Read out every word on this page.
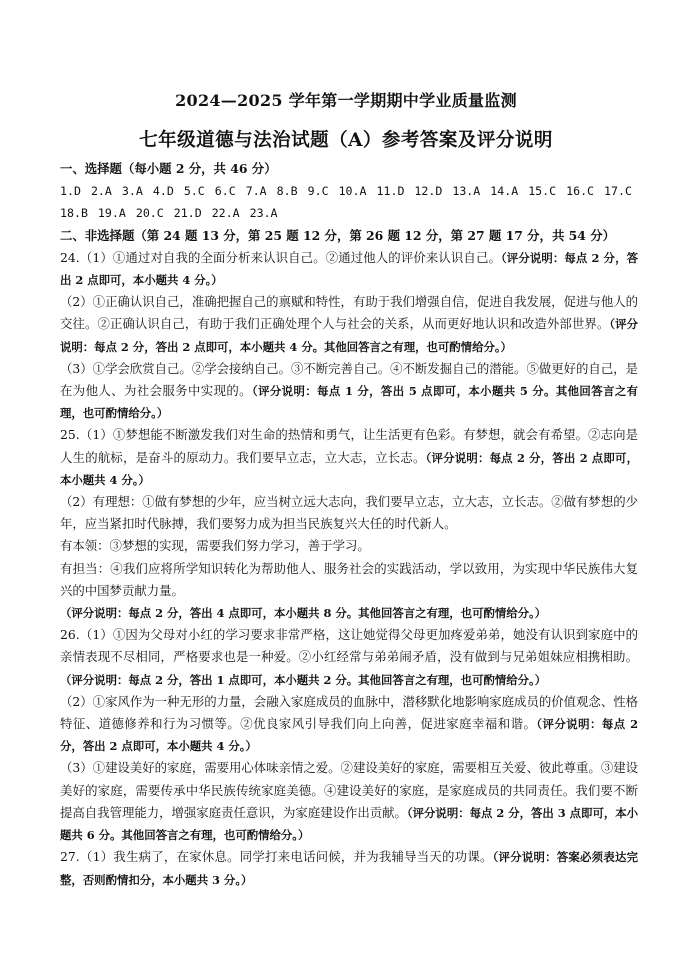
2024—2025 学年第一学期期中学业质量监测
七年级道德与法治试题（A）参考答案及评分说明

一、选择题（每小题 2 分，共 46 分）

1.D 2.A 3.A 4.D 5.C 6.C 7.A 8.B 9.C 10.A 11.D 12.D 13.A 14.A 15.C 16.C 17.C
18.B 19.A 20.C 21.D 22.A 23.A

二、非选择题（第 24 题 13 分，第 25 题 12 分，第 26 题 12 分，第 27 题 17 分，共 54 分）

24.（1）①通过对自我的全面分析来认识自己。②通过他人的评价来认识自己。（评分说明：每点 2 分，答出 2 点即可，本小题共 4 分。）

（2）①正确认识自己，准确把握自己的禀赋和特性，有助于我们增强自信，促进自我发展，促进与他人的交往。②正确认识自己，有助于我们正确处理个人与社会的关系，从而更好地认识和改造外部世界。（评分说明：每点 2 分，答出 2 点即可，本小题共 4 分。其他回答言之有理，也可酌情给分。）

（3）①学会欣赏自己。②学会接纳自己。③不断完善自己。④不断发掘自己的潜能。⑤做更好的自己，是在为他人、为社会服务中实现的。（评分说明：每点 1 分，答出 5 点即可，本小题共 5 分。其他回答言之有理，也可酌情给分。）

25.（1）①梦想能不断激发我们对生命的热情和勇气，让生活更有色彩。有梦想，就会有希望。②志向是人生的航标，是奋斗的原动力。我们要早立志，立大志，立长志。（评分说明：每点 2 分，答出 2 点即可，本小题共 4 分。）

（2）有理想：①做有梦想的少年，应当树立远大志向，我们要早立志，立大志，立长志。②做有梦想的少年，应当紧扣时代脉搏，我们要努力成为担当民族复兴大任的时代新人。

有本领：③梦想的实现，需要我们努力学习，善于学习。

有担当：④我们应将所学知识转化为帮助他人、服务社会的实践活动，学以致用，为实现中华民族伟大复兴的中国梦贡献力量。

（评分说明：每点 2 分，答出 4 点即可，本小题共 8 分。其他回答言之有理，也可酌情给分。）

26.（1）①因为父母对小红的学习要求非常严格，这让她觉得父母更加疼爱弟弟，她没有认识到家庭中的亲情表现不尽相同，严格要求也是一种爱。②小红经常与弟弟闹矛盾，没有做到与兄弟姐妹应相携相助。（评分说明：每点 2 分，答出 1 点即可，本小题共 2 分。其他回答言之有理，也可酌情给分。）

（2）①家风作为一种无形的力量，会融入家庭成员的血脉中，潜移默化地影响家庭成员的价值观念、性格特征、道德修养和行为习惯等。②优良家风引导我们向上向善，促进家庭幸福和谐。（评分说明：每点 2 分，答出 2 点即可，本小题共 4 分。）

（3）①建设美好的家庭，需要用心体味亲情之爱。②建设美好的家庭，需要相互关爱、彼此尊重。③建设美好的家庭，需要传承中华民族传统家庭美德。④建设美好的家庭，是家庭成员的共同责任。我们要不断提高自我管理能力，增强家庭责任意识，为家庭建设作出贡献。（评分说明：每点 2 分，答出 3 点即可，本小题共 6 分。其他回答言之有理，也可酌情给分。）

27.（1）我生病了，在家休息。同学打来电话问候，并为我辅导当天的功课。（评分说明：答案必须表达完整，否则酌情扣分，本小题共 3 分。）
